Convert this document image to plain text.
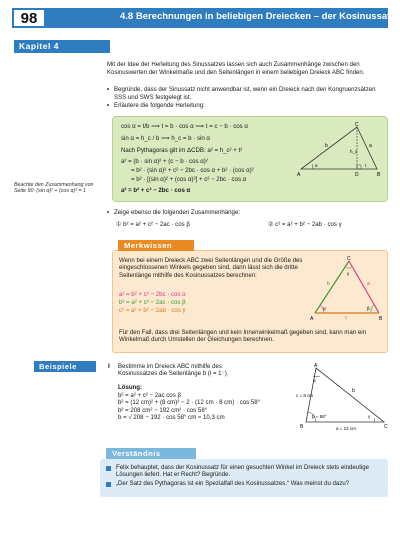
98	4.8 Berechnungen in beliebigen Dreiecken – der Kosinussatz
Kapitel 4
Mit der Idee der Herleitung des Sinussatzes lassen sich auch Zusammenhänge zwischen den Kosinuswerten der Winkelmaße und den Seitenlängen in einem beliebigen Dreieck ABC finden.
• Begründe, dass der Sinussatz nicht anwendbar ist, wenn ein Dreieck nach den Kongruenzsätzen SSS und SWS festgelegt ist.
• Erläutere die folgende Herleitung:
cos α = t/b ⟹ t = b · cos α ⟹ t = c − b · cos α
sin α = h_c / b ⟹ h_c = b · sin α
Nach Pythagoras gilt im ΔCDB: a² = h_c² + t²
a² = (b · sin α)² + (c − b · cos α)²
= b² · (sin α)² + c² − 2bc · cos α + b² · (cos α)²
= b² · [(sin α)² + (cos α)²] + c² − 2bc · cos α
a² = b² + c² − 2bc · cos α
A	B
C
D
b	a
h_c
t
α
Beachte den Zusammenhang von Seite 90: (sin α)² + (cos α)² = 1
• Zeige ebenso die folgenden Zusammenhänge:
① b² = a² + c² − 2ac · cos β	② c² = a² + b² − 2ab · cos γ
Wenn bei einem Dreieck ABC zwei Seitenlängen und die Größe des eingeschlossenen Winkels gegeben sind, dann lässt sich die dritte Seitenlänge mithilfe des Kosinussatzes berechnen:
a² = b² + c² − 2bc · cos α
b² = a² + c² − 2ac · cos β
c² = a² + b² − 2ab · cos γ
Für den Fall, dass drei Seitenlängen und kein Innenwinkelmaß gegeben sind, kann man ein Winkelmaß durch Umstellen der Gleichungen berechnen.
A	B
C
b	a
c
α	β
γ
Merkwissen
Beispiele	I Bestimme im Dreieck ABC mithilfe des Kosinussatzes die Seitenlänge b (l = 1⁻).
Lösung:
b² = a² + c² − 2ac cos β
b² = (12 cm)² + (8 cm)² − 2 · (12 cm · 8 cm) · cos 58°
b² = 208 cm² − 192 cm² · cos 58°
b = √ 208 − 192 · cos 58° cm ≈ 10,3 cm
A
B	C
c = 8 cm
a = 12 cm
b
α
β = 58°	γ
Felix behauptet, dass der Kosinussatz für einen gesuchten Winkel im Dreieck stets eindeutige Lösungen liefert. Hat er Recht? Begründe.
„Der Satz des Pythagoras ist ein Spezialfall des Kosinussatzes.“ Was meinst du dazu?
Verständnis
